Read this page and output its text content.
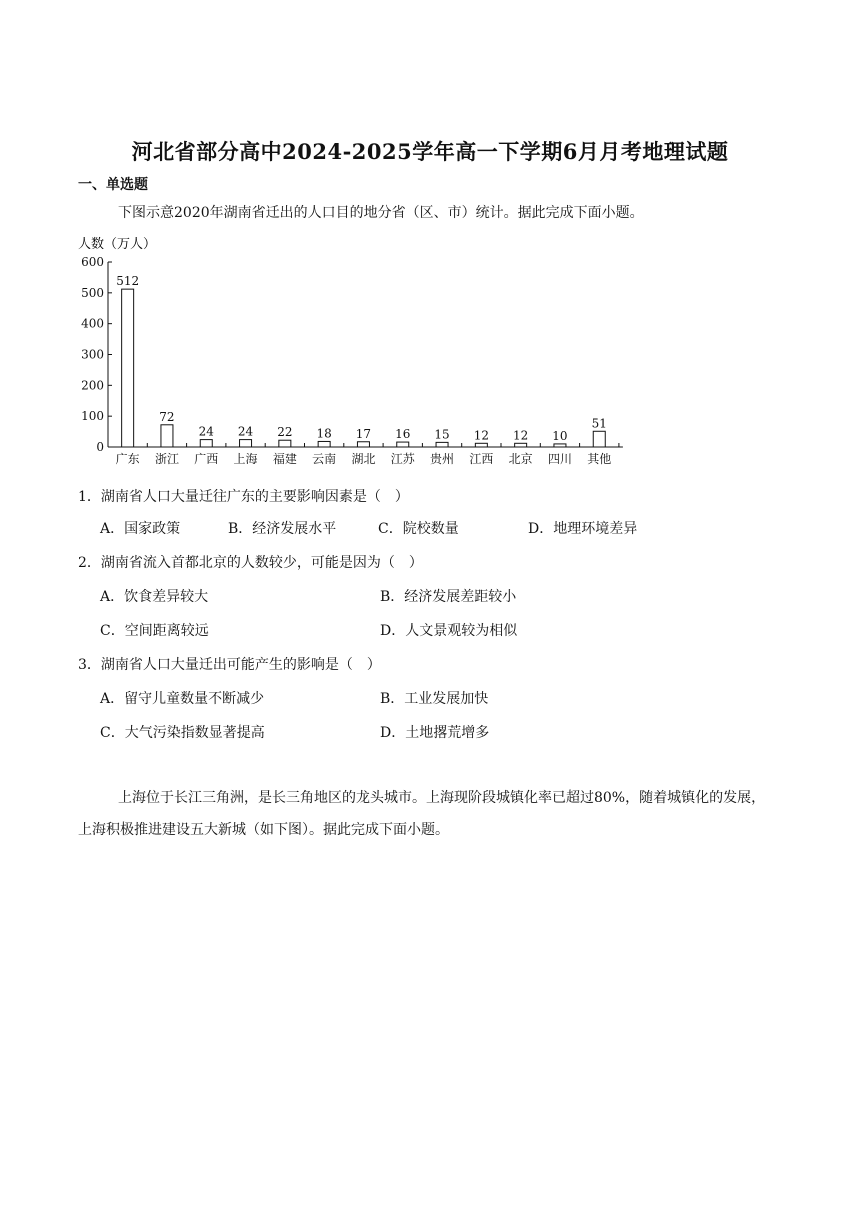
河北省部分高中2024-2025学年高一下学期6月月考地理试题
一、单选题
下图示意2020年湖南省迁出的人口目的地分省（区、市）统计。据此完成下面小题。
人数（万人）
0
100
200
300
400
500
600
512
广东
72
浙江
24
广西
24
上海
22
福建
18
云南
17
湖北
16
江苏
15
贵州
12
江西
12
北京
10
四川
51
其他
1．湖南省人口大量迁往广东的主要影响因素是（　）
A．国家政策	B．经济发展水平	C．院校数量	D．地理环境差异
2．湖南省流入首都北京的人数较少，可能是因为（　）
A．饮食差异较大	B．经济发展差距较小
C．空间距离较远	D．人文景观较为相似
3．湖南省人口大量迁出可能产生的影响是（　）
A．留守儿童数量不断减少	B．工业发展加快
C．大气污染指数显著提高	D．土地撂荒增多
上海位于长江三角洲，是长三角地区的龙头城市。上海现阶段城镇化率已超过80%，随着城镇化的发展，上海积极推进建设五大新城（如下图）。据此完成下面小题。
